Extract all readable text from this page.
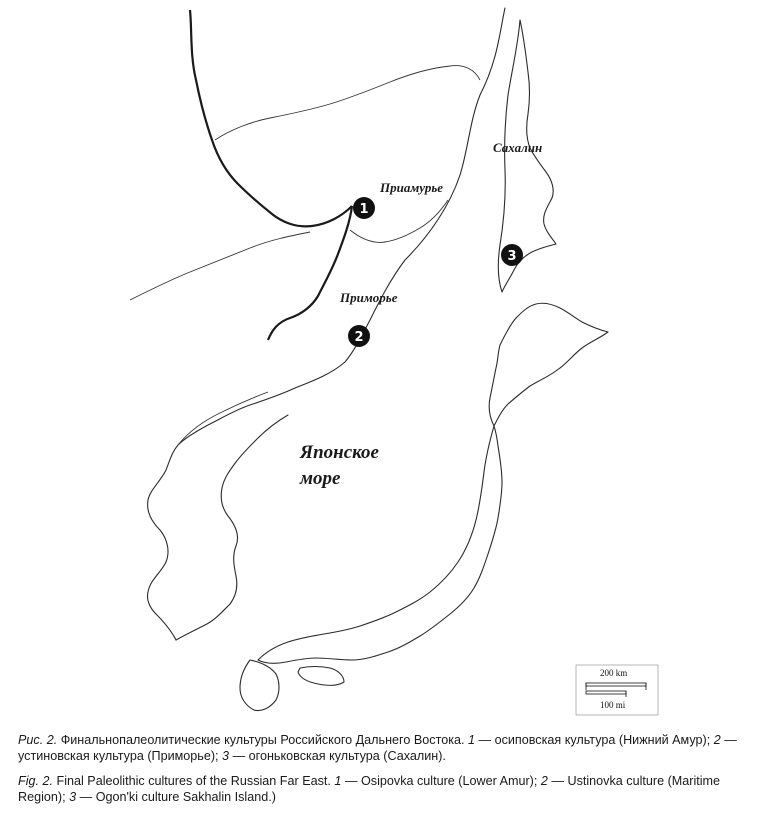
Приамурье
Приморье
Сахалин
Японское
море
1
2
3
200 km
100 mi
Рис. 2. Финальнопалеолитические культуры Российского Дальнего Востока. 1 — осиповская культура (Нижний Амур); 2 — устиновская культура (Приморье); 3 — огоньковская культура (Сахалин).
Fig. 2. Final Paleolithic cultures of the Russian Far East. 1 — Osipovka culture (Lower Amur); 2 — Ustinovka culture (Maritime Region); 3 — Ogon'ki culture Sakhalin Island.)
